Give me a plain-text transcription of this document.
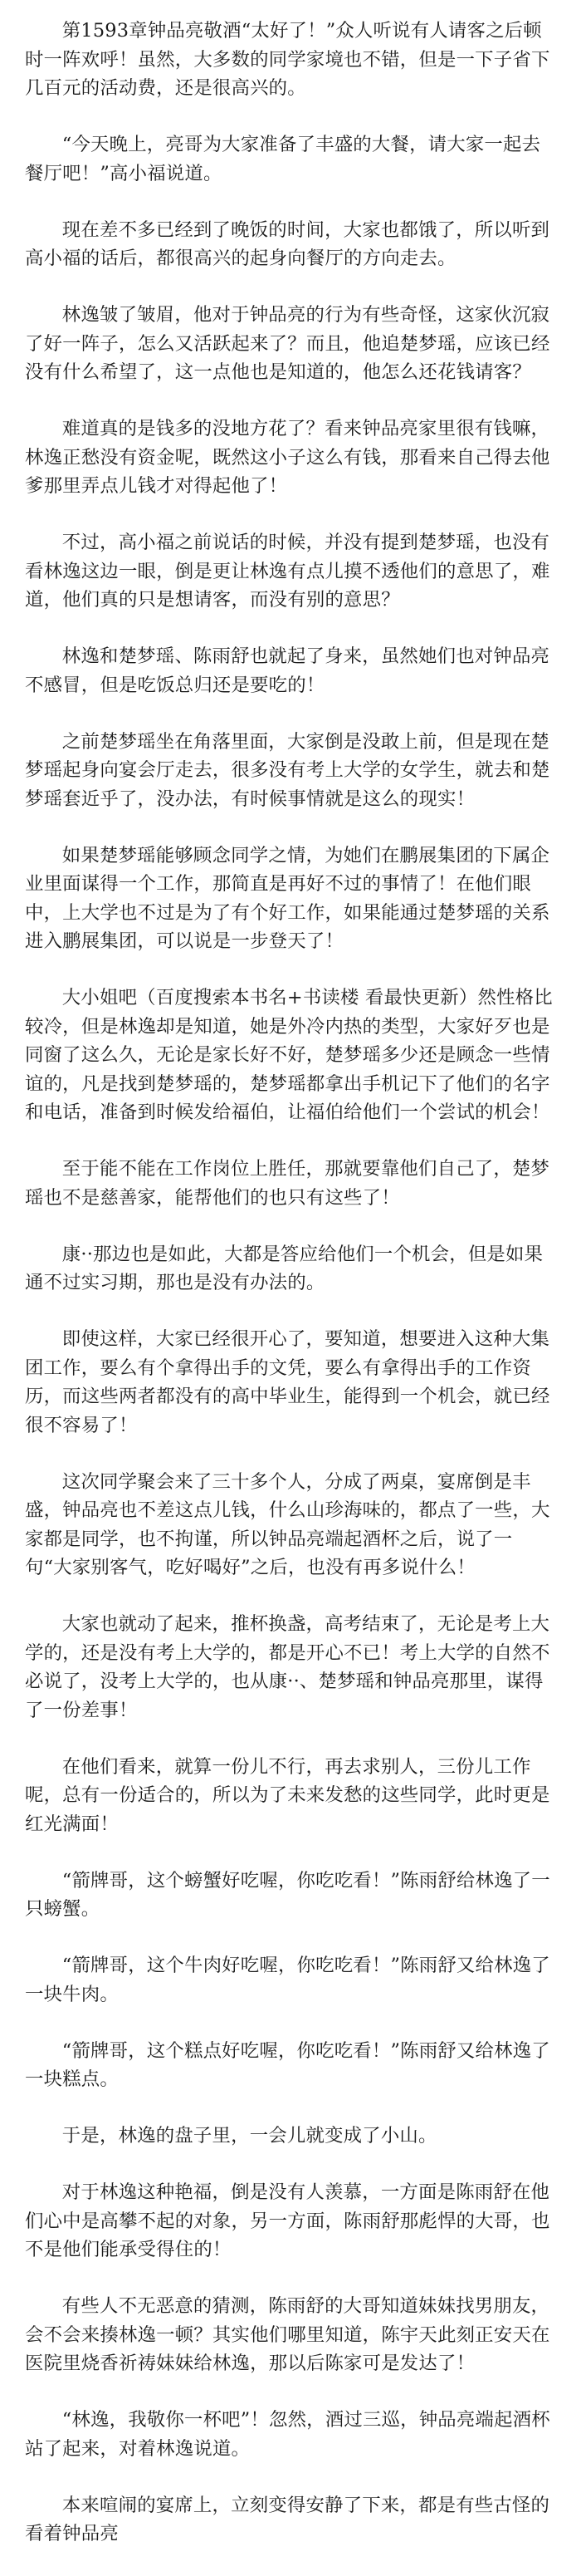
第1593章钟品亮敬酒“太好了！”众人听说有人请客之后顿时一阵欢呼！虽然，大多数的同学家境也不错，但是一下子省下几百元的活动费，还是很高兴的。

“今天晚上，亮哥为大家准备了丰盛的大餐，请大家一起去餐厅吧！”高小福说道。

现在差不多已经到了晚饭的时间，大家也都饿了，所以听到高小福的话后，都很高兴的起身向餐厅的方向走去。

林逸皱了皱眉，他对于钟品亮的行为有些奇怪，这家伙沉寂了好一阵子，怎么又活跃起来了？而且，他追楚梦瑶，应该已经没有什么希望了，这一点他也是知道的，他怎么还花钱请客？

难道真的是钱多的没地方花了？看来钟品亮家里很有钱嘛，林逸正愁没有资金呢，既然这小子这么有钱，那看来自己得去他爹那里弄点儿钱才对得起他了！

不过，高小福之前说话的时候，并没有提到楚梦瑶，也没有看林逸这边一眼，倒是更让林逸有点儿摸不透他们的意思了，难道，他们真的只是想请客，而没有别的意思？

林逸和楚梦瑶、陈雨舒也就起了身来，虽然她们也对钟品亮不感冒，但是吃饭总归还是要吃的！

之前楚梦瑶坐在角落里面，大家倒是没敢上前，但是现在楚梦瑶起身向宴会厅走去，很多没有考上大学的女学生，就去和楚梦瑶套近乎了，没办法，有时候事情就是这么的现实！

如果楚梦瑶能够顾念同学之情，为她们在鹏展集团的下属企业里面谋得一个工作，那简直是再好不过的事情了！在他们眼中，上大学也不过是为了有个好工作，如果能通过楚梦瑶的关系进入鹏展集团，可以说是一步登天了！

大小姐吧（百度搜索本书名+书读楼 看最快更新）然性格比较冷，但是林逸却是知道，她是外冷内热的类型，大家好歹也是同窗了这么久，无论是家长好不好，楚梦瑶多少还是顾念一些情谊的，凡是找到楚梦瑶的，楚梦瑶都拿出手机记下了他们的名字和电话，准备到时候发给福伯，让福伯给他们一个尝试的机会！

至于能不能在工作岗位上胜任，那就要靠他们自己了，楚梦瑶也不是慈善家，能帮他们的也只有这些了！

康··那边也是如此，大都是答应给他们一个机会，但是如果通不过实习期，那也是没有办法的。

即使这样，大家已经很开心了，要知道，想要进入这种大集团工作，要么有个拿得出手的文凭，要么有拿得出手的工作资历，而这些两者都没有的高中毕业生，能得到一个机会，就已经很不容易了！

这次同学聚会来了三十多个人，分成了两桌，宴席倒是丰盛，钟品亮也不差这点儿钱，什么山珍海味的，都点了一些，大家都是同学，也不拘谨，所以钟品亮端起酒杯之后，说了一句“大家别客气，吃好喝好”之后，也没有再多说什么！

大家也就动了起来，推杯换盏，高考结束了，无论是考上大学的，还是没有考上大学的，都是开心不已！考上大学的自然不必说了，没考上大学的，也从康··、楚梦瑶和钟品亮那里，谋得了一份差事！

在他们看来，就算一份儿不行，再去求别人，三份儿工作呢，总有一份适合的，所以为了未来发愁的这些同学，此时更是红光满面！

“箭牌哥，这个螃蟹好吃喔，你吃吃看！”陈雨舒给林逸了一只螃蟹。

“箭牌哥，这个牛肉好吃喔，你吃吃看！”陈雨舒又给林逸了一块牛肉。

“箭牌哥，这个糕点好吃喔，你吃吃看！”陈雨舒又给林逸了一块糕点。

于是，林逸的盘子里，一会儿就变成了小山。

对于林逸这种艳福，倒是没有人羡慕，一方面是陈雨舒在他们心中是高攀不起的对象，另一方面，陈雨舒那彪悍的大哥，也不是他们能承受得住的！

有些人不无恶意的猜测，陈雨舒的大哥知道妹妹找男朋友，会不会来揍林逸一顿？其实他们哪里知道，陈宇天此刻正安天在医院里烧香祈祷妹妹给林逸，那以后陈家可是发达了！

“林逸，我敬你一杯吧”！忽然，酒过三巡，钟品亮端起酒杯站了起来，对着林逸说道。

本来喧闹的宴席上，立刻变得安静了下来，都是有些古怪的看着钟品亮
